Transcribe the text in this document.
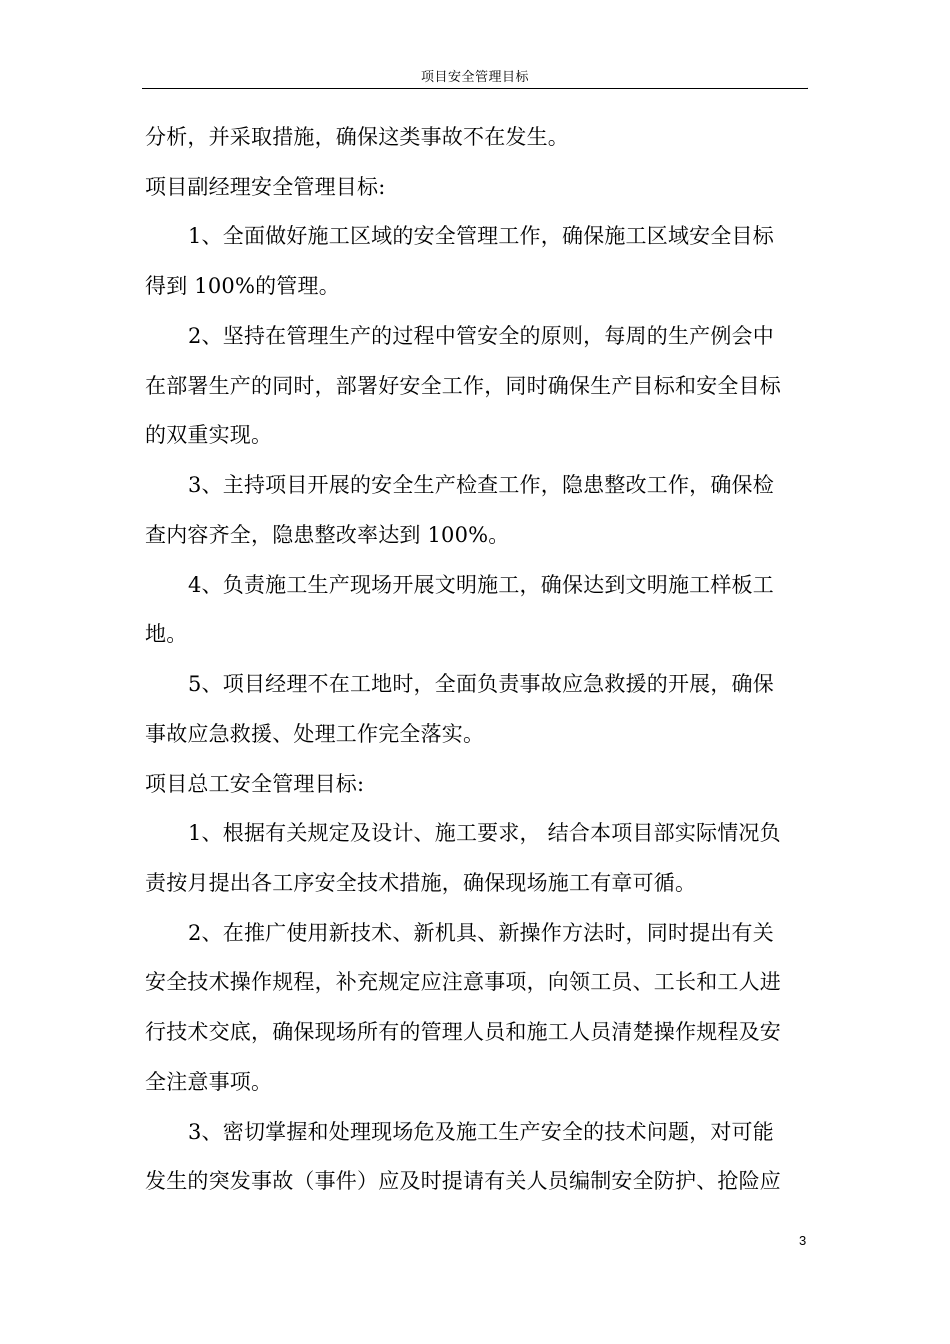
项目安全管理目标
.
分析，并采取措施，确保这类事故不在发生。
项目副经理安全管理目标:
1、全面做好施工区域的安全管理工作，确保施工区域安全目标
得到 100%的管理。
2、坚持在管理生产的过程中管安全的原则，每周的生产例会中
在部署生产的同时，部署好安全工作，同时确保生产目标和安全目标
的双重实现。
3、主持项目开展的安全生产检查工作，隐患整改工作，确保检
查内容齐全，隐患整改率达到 100%。
4、负责施工生产现场开展文明施工，确保达到文明施工样板工
地。
5、项目经理不在工地时，全面负责事故应急救援的开展，确保
事故应急救援、处理工作完全落实。
项目总工安全管理目标:
1、根据有关规定及设计、施工要求， 结合本项目部实际情况负
责按月提出各工序安全技术措施，确保现场施工有章可循。
2、在推广使用新技术、新机具、新操作方法时，同时提出有关
安全技术操作规程，补充规定应注意事项，向领工员、工长和工人进
行技术交底，确保现场所有的管理人员和施工人员清楚操作规程及安
全注意事项。
3、密切掌握和处理现场危及施工生产安全的技术问题，对可能
发生的突发事故（事件）应及时提请有关人员编制安全防护、抢险应
3
